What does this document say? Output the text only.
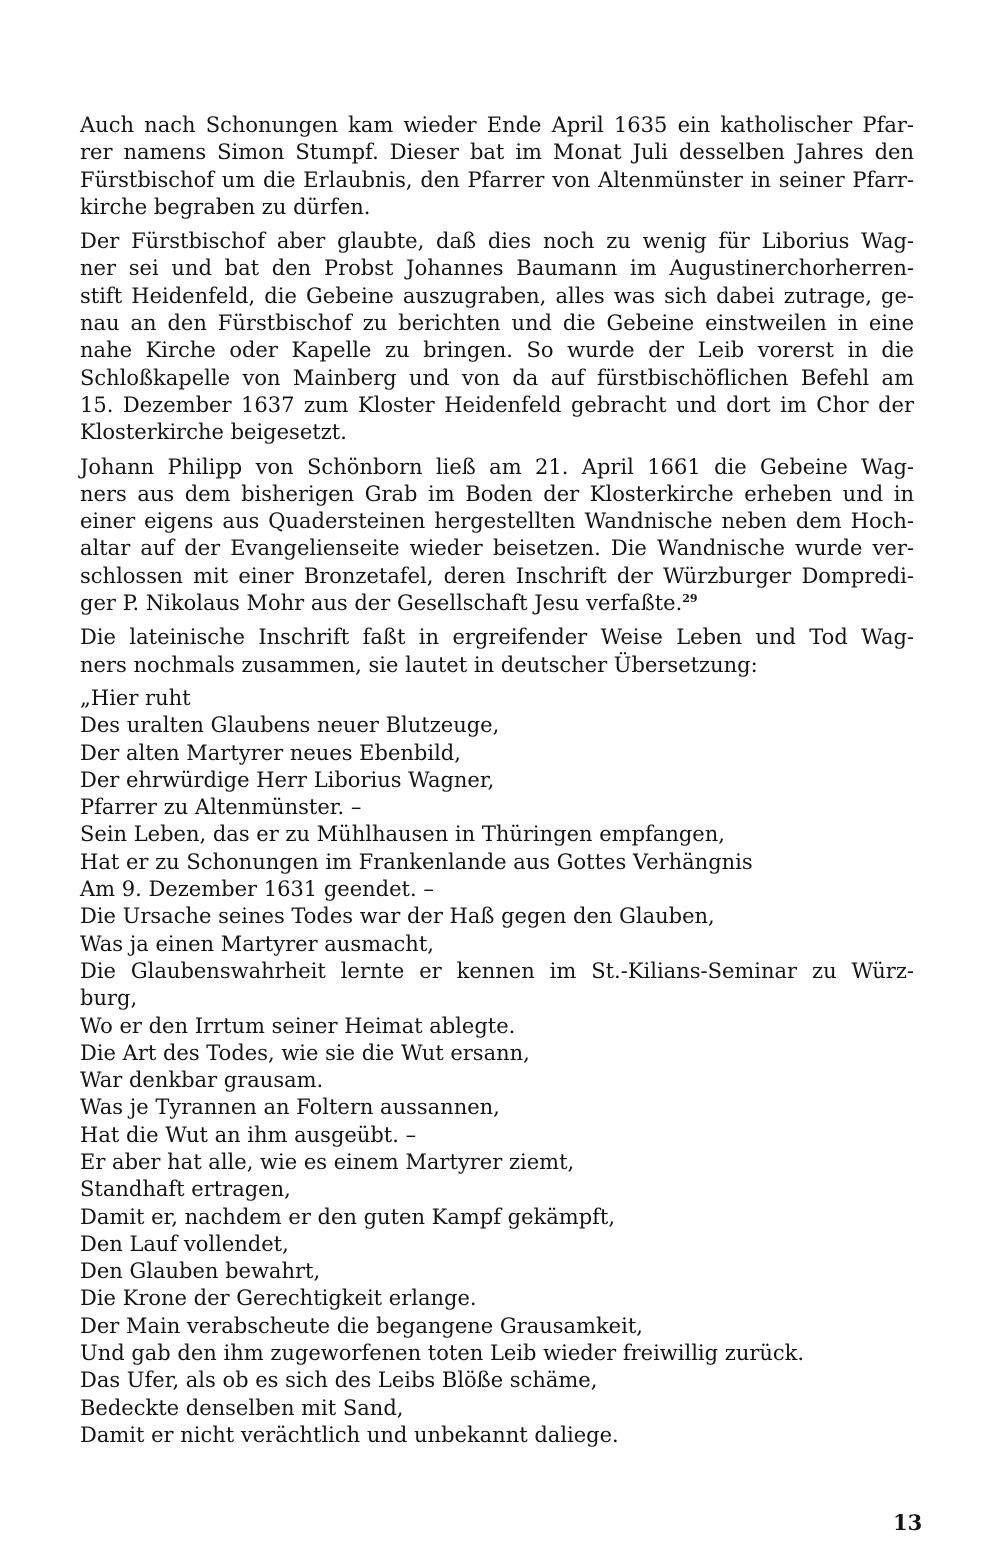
Auch nach Schonungen kam wieder Ende April 1635 ein katholischer Pfar-
rer namens Simon Stumpf. Dieser bat im Monat Juli desselben Jahres den
Fürstbischof um die Erlaubnis, den Pfarrer von Altenmünster in seiner Pfarr-
kirche begraben zu dürfen.

Der Fürstbischof aber glaubte, daß dies noch zu wenig für Liborius Wag-
ner sei und bat den Probst Johannes Baumann im Augustinerchorherren-
stift Heidenfeld, die Gebeine auszugraben, alles was sich dabei zutrage, ge-
nau an den Fürstbischof zu berichten und die Gebeine einstweilen in eine
nahe Kirche oder Kapelle zu bringen. So wurde der Leib vorerst in die
Schloßkapelle von Mainberg und von da auf fürstbischöflichen Befehl am
15. Dezember 1637 zum Kloster Heidenfeld gebracht und dort im Chor der
Klosterkirche beigesetzt.

Johann Philipp von Schönborn ließ am 21. April 1661 die Gebeine Wag-
ners aus dem bisherigen Grab im Boden der Klosterkirche erheben und in
einer eigens aus Quadersteinen hergestellten Wandnische neben dem Hoch-
altar auf der Evangelienseite wieder beisetzen. Die Wandnische wurde ver-
schlossen mit einer Bronzetafel, deren Inschrift der Würzburger Dompredi-
ger P. Nikolaus Mohr aus der Gesellschaft Jesu verfaßte.$^{29}$

Die lateinische Inschrift faßt in ergreifender Weise Leben und Tod Wag-
ners nochmals zusammen, sie lautet in deutscher Übersetzung:

„Hier ruht
Des uralten Glaubens neuer Blutzeuge,
Der alten Martyrer neues Ebenbild,
Der ehrwürdige Herr Liborius Wagner,
Pfarrer zu Altenmünster. –
Sein Leben, das er zu Mühlhausen in Thüringen empfangen,
Hat er zu Schonungen im Frankenlande aus Gottes Verhängnis
Am 9. Dezember 1631 geendet. –
Die Ursache seines Todes war der Haß gegen den Glauben,
Was ja einen Martyrer ausmacht,
Die Glaubenswahrheit lernte er kennen im St.-Kilians-Seminar zu Würz-
burg,
Wo er den Irrtum seiner Heimat ablegte.
Die Art des Todes, wie sie die Wut ersann,
War denkbar grausam.
Was je Tyrannen an Foltern aussannen,
Hat die Wut an ihm ausgeübt. –
Er aber hat alle, wie es einem Martyrer ziemt,
Standhaft ertragen,
Damit er, nachdem er den guten Kampf gekämpft,
Den Lauf vollendet,
Den Glauben bewahrt,
Die Krone der Gerechtigkeit erlange.
Der Main verabscheute die begangene Grausamkeit,
Und gab den ihm zugeworfenen toten Leib wieder freiwillig zurück.
Das Ufer, als ob es sich des Leibs Blöße schäme,
Bedeckte denselben mit Sand,
Damit er nicht verächtlich und unbekannt daliege.
13
